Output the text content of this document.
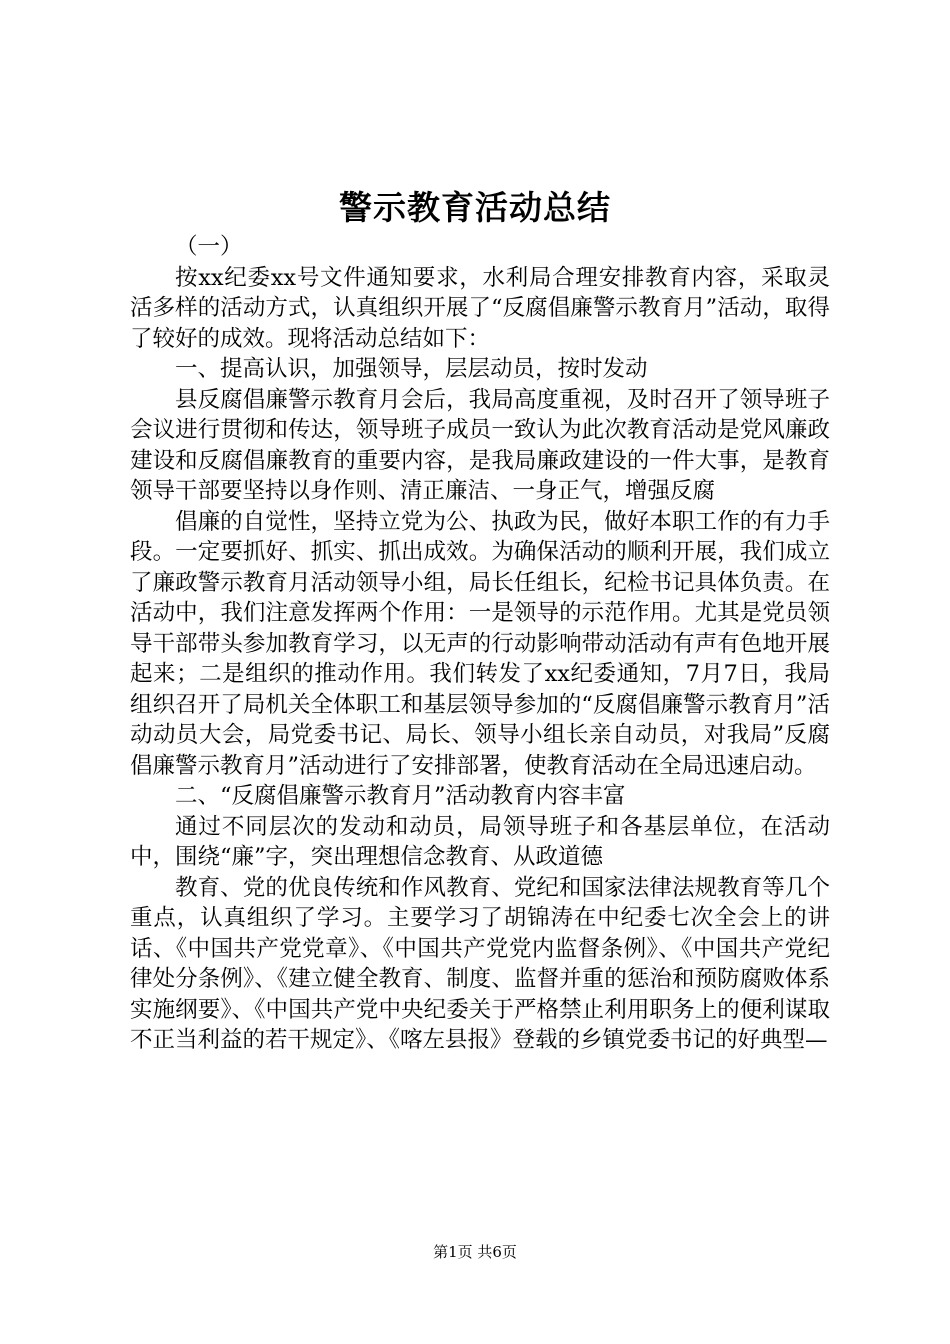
警示教育活动总结

（一）

按xx纪委xx号文件通知要求，水利局合理安排教育内容，采取灵活多样的活动方式，认真组织开展了“反腐倡廉警示教育月”活动，取得了较好的成效。现将活动总结如下：

一、提高认识，加强领导，层层动员，按时发动

县反腐倡廉警示教育月会后，我局高度重视，及时召开了领导班子会议进行贯彻和传达，领导班子成员一致认为此次教育活动是党风廉政建设和反腐倡廉教育的重要内容，是我局廉政建设的一件大事，是教育领导干部要坚持以身作则、清正廉洁、一身正气，增强反腐

倡廉的自觉性，坚持立党为公、执政为民，做好本职工作的有力手段。一定要抓好、抓实、抓出成效。为确保活动的顺利开展，我们成立了廉政警示教育月活动领导小组，局长任组长，纪检书记具体负责。在活动中，我们注意发挥两个作用：一是领导的示范作用。尤其是党员领导干部带头参加教育学习，以无声的行动影响带动活动有声有色地开展起来；二是组织的推动作用。我们转发了xx纪委通知，7月7日，我局组织召开了局机关全体职工和基层领导参加的“反腐倡廉警示教育月”活动动员大会，局党委书记、局长、领导小组长亲自动员，对我局”反腐倡廉警示教育月”活动进行了安排部署，使教育活动在全局迅速启动。

二、“反腐倡廉警示教育月”活动教育内容丰富

通过不同层次的发动和动员，局领导班子和各基层单位，在活动中，围绕“廉”字，突出理想信念教育、从政道德

教育、党的优良传统和作风教育、党纪和国家法律法规教育等几个重点，认真组织了学习。主要学习了胡锦涛在中纪委七次全会上的讲话、《中国共产党党章》、《中国共产党党内监督条例》、《中国共产党纪律处分条例》、《建立健全教育、制度、监督并重的惩治和预防腐败体系实施纲要》、《中国共产党中央纪委关于严格禁止利用职务上的便利谋取不正当利益的若干规定》、《喀左县报》登载的乡镇党委书记的好典型—

第1页 共6页
